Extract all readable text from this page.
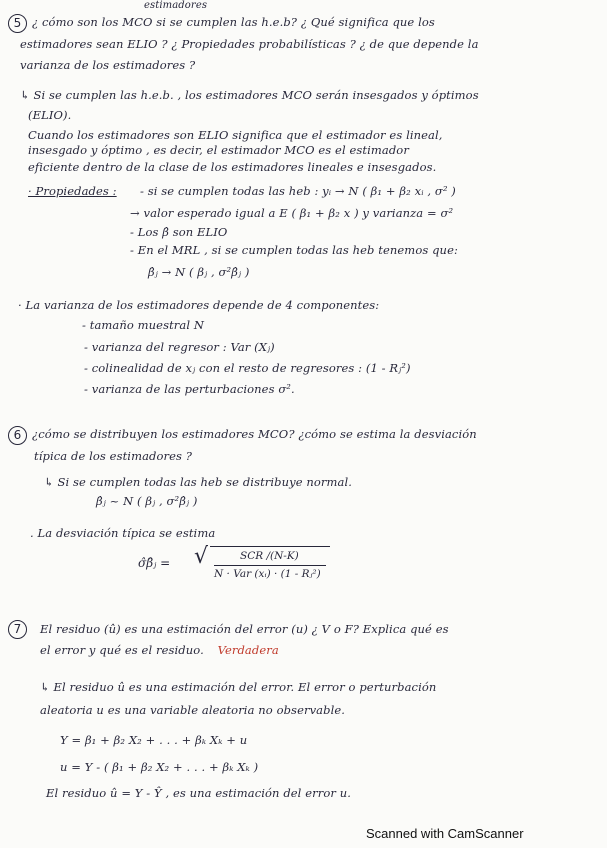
estimadores
5 ¿ cómo son los MCO si se cumplen las h.e.b? ¿ Qué significa que los
estimadores sean ELIO ? ¿ Propiedades probabilísticas ? ¿ de que depende la
varianza de los estimadores ?
↳ Si se cumplen las h.e.b. , los estimadores MCO serán insesgados y óptimos
(ELIO).
Cuando los estimadores son ELIO significa que el estimador es lineal,
insesgado y óptimo , es decir, el estimador MCO es el estimador
eficiente dentro de la clase de los estimadores lineales e insesgados.
· Propiedades : - si se cumplen todas las heb : yᵢ → N ( β₁ + β₂ xᵢ , σ² )
→ valor esperado igual a E ( β₁ + β₂ x ) y varianza = σ²
- Los β̂ son ELIO
- En el MRL , si se cumplen todas las heb tenemos que:
β̂ⱼ → N ( βⱼ , σ²β̂ⱼ )
· La varianza de los estimadores depende de 4 componentes:
- tamaño muestral N
- varianza del regresor : Var (Xⱼ)
- colinealidad de xⱼ con el resto de regresores : (1 - Rⱼ²)
- varianza de las perturbaciones σ².
6 ¿cómo se distribuyen los estimadores MCO? ¿cómo se estima la desviación
típica de los estimadores ?
↳ Si se cumplen todas las heb se distribuye normal.
β̂ⱼ ~ N ( βⱼ , σ²β̂ⱼ )
. La desviación típica se estima
σ̂β̂ⱼ = √	SCR /(N-K)
N · Var (xᵢ) · (1 - Rⱼ²)
7	El residuo (û) es una estimación del error (u) ¿ V o F? Explica qué es
el error y qué es el residuo. Verdadera
↳ El residuo û es una estimación del error. El error o perturbación
aleatoria u es una variable aleatoria no observable.
Y = β₁ + β₂ X₂ + . . . + βₖ Xₖ + u
u = Y - ( β₁ + β₂ X₂ + . . . + βₖ Xₖ )
El residuo û = Y - Ŷ , es una estimación del error u.
Scanned with CamScanner
